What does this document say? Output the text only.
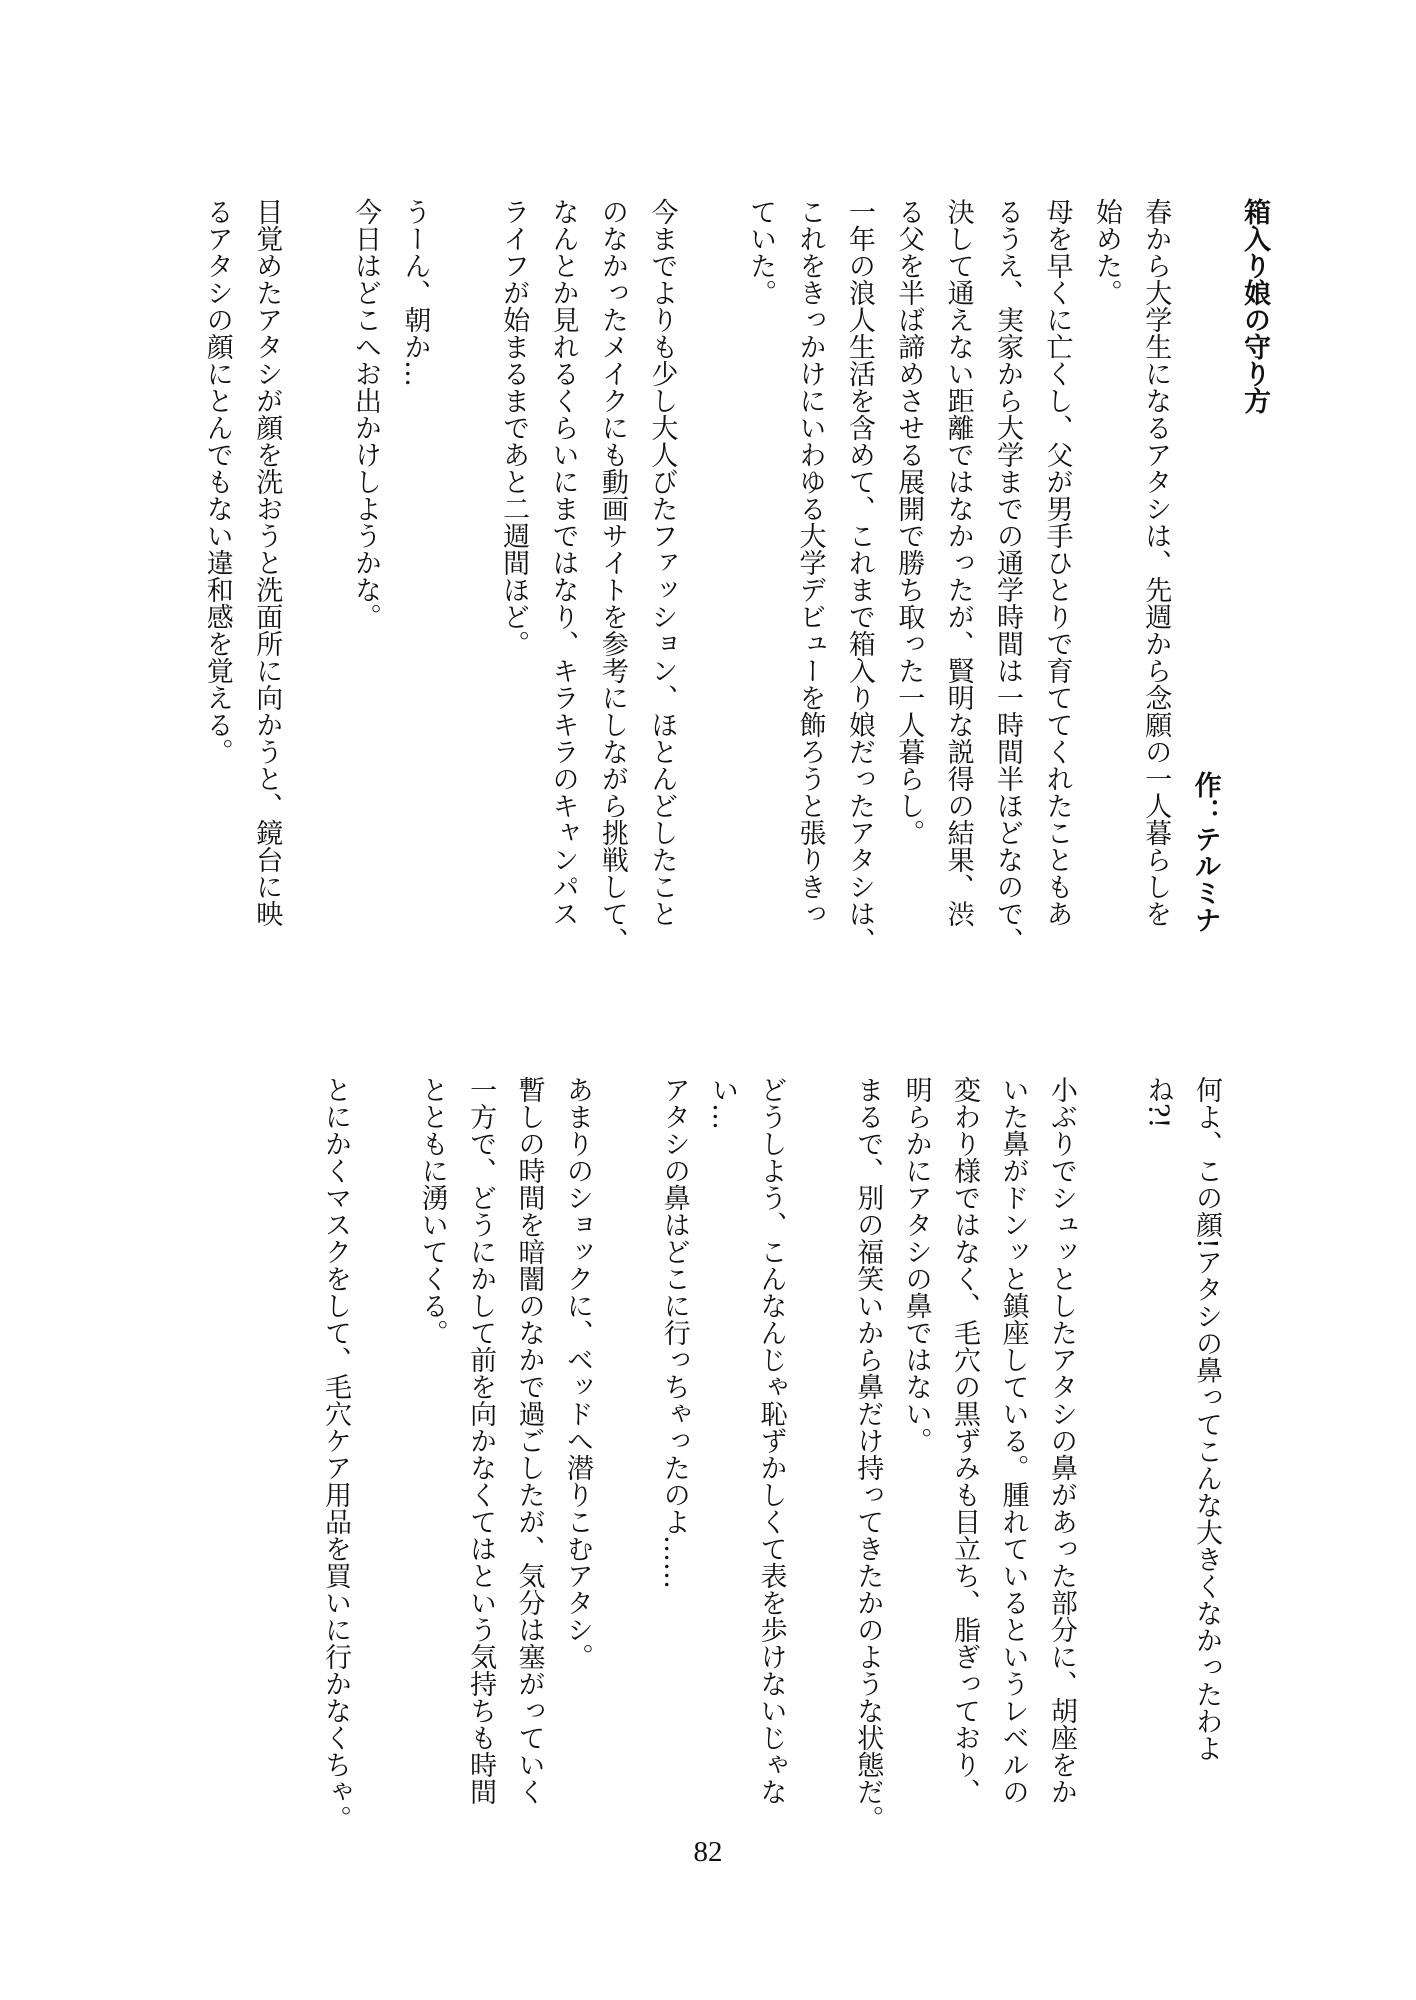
箱入り娘の守り方
作：テルミナ
春から大学生になるアタシは、先週から念願の一人暮らしを
始めた。
母を早くに亡くし、父が男手ひとりで育ててくれたこともあ
るうえ、実家から大学までの通学時間は一時間半ほどなので、
決して通えない距離ではなかったが、賢明な説得の結果、渋
る父を半ば諦めさせる展開で勝ち取った一人暮らし。
一年の浪人生活を含めて、これまで箱入り娘だったアタシは、
これをきっかけにいわゆる大学デビューを飾ろうと張りきっ
ていた。
今までよりも少し大人びたファッション、ほとんどしたこと
のなかったメイクにも動画サイトを参考にしながら挑戦して、
なんとか見れるくらいにまではなり、キラキラのキャンパス
ライフが始まるまであと二週間ほど。
うーん、朝か…
今日はどこへお出かけしようかな。
目覚めたアタシが顔を洗おうと洗面所に向かうと、鏡台に映
るアタシの顔にとんでもない違和感を覚える。
何よ、この顔!アタシの鼻ってこんな大きくなかったわよ
ね?!
小ぶりでシュッとしたアタシの鼻があった部分に、胡座をか
いた鼻がドンッと鎮座している。腫れているというレベルの
変わり様ではなく、毛穴の黒ずみも目立ち、脂ぎっており、
明らかにアタシの鼻ではない。
まるで、別の福笑いから鼻だけ持ってきたかのような状態だ。
どうしよう、こんなんじゃ恥ずかしくて表を歩けないじゃな
い…
アタシの鼻はどこに行っちゃったのよ……
あまりのショックに、ベッドへ潜りこむアタシ。
暫しの時間を暗闇のなかで過ごしたが、気分は塞がっていく
一方で、どうにかして前を向かなくてはという気持ちも時間
とともに湧いてくる。
とにかくマスクをして、毛穴ケア用品を買いに行かなくちゃ。
82
